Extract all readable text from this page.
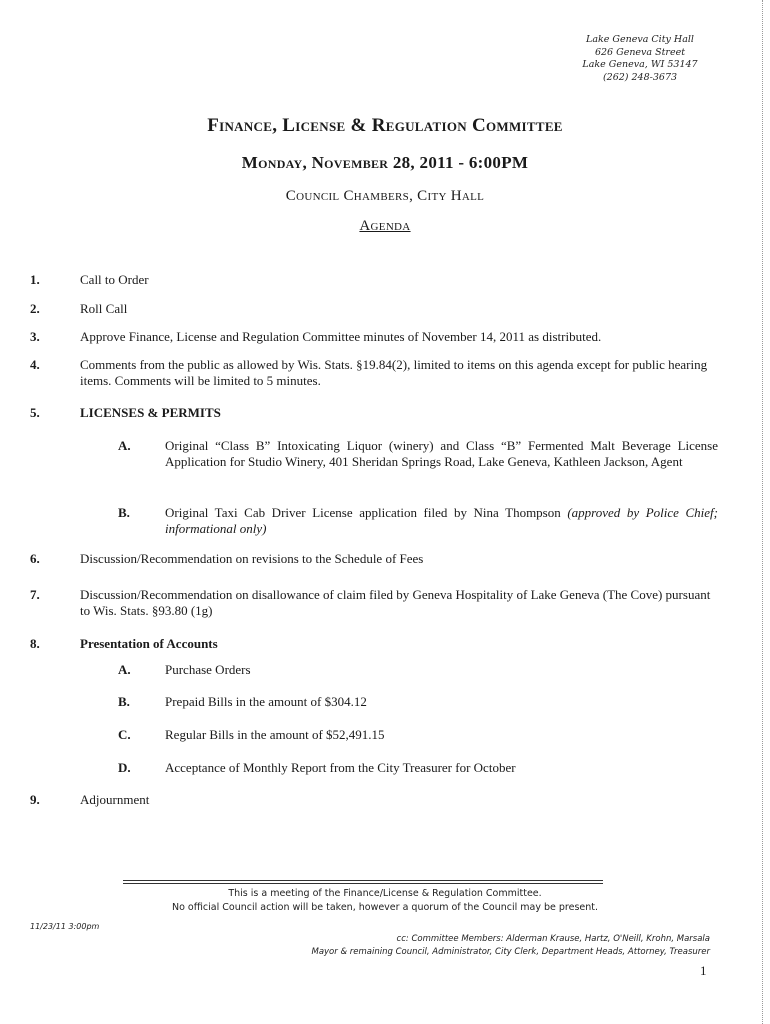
Lake Geneva City Hall
626 Geneva Street
Lake Geneva, WI 53147
(262) 248-3673
Finance, License & Regulation Committee
Monday, November 28, 2011 - 6:00PM
Council Chambers, City Hall
Agenda
1.	Call to Order
2.	Roll Call
3.	Approve Finance, License and Regulation Committee minutes of November 14, 2011 as distributed.
4.	Comments from the public as allowed by Wis. Stats. §19.84(2), limited to items on this agenda except for public hearing items. Comments will be limited to 5 minutes.
5.	LICENSES & PERMITS
A.	Original “Class B” Intoxicating Liquor (winery) and Class “B” Fermented Malt Beverage License Application for Studio Winery, 401 Sheridan Springs Road, Lake Geneva, Kathleen Jackson, Agent
B.	Original Taxi Cab Driver License application filed by Nina Thompson (approved by Police Chief; informational only)
6.	Discussion/Recommendation on revisions to the Schedule of Fees
7.	Discussion/Recommendation on disallowance of claim filed by Geneva Hospitality of Lake Geneva (The Cove) pursuant to Wis. Stats. §93.80 (1g)
8.	Presentation of Accounts
A.	Purchase Orders
B.	Prepaid Bills in the amount of $304.12
C.	Regular Bills in the amount of $52,491.15
D.	Acceptance of Monthly Report from the City Treasurer for October
9.	Adjournment
This is a meeting of the Finance/License & Regulation Committee.
No official Council action will be taken, however a quorum of the Council may be present.
11/23/11 3:00pm
cc: Committee Members: Alderman Krause, Hartz, O'Neill, Krohn, Marsala
Mayor & remaining Council, Administrator, City Clerk, Department Heads, Attorney, Treasurer
1
